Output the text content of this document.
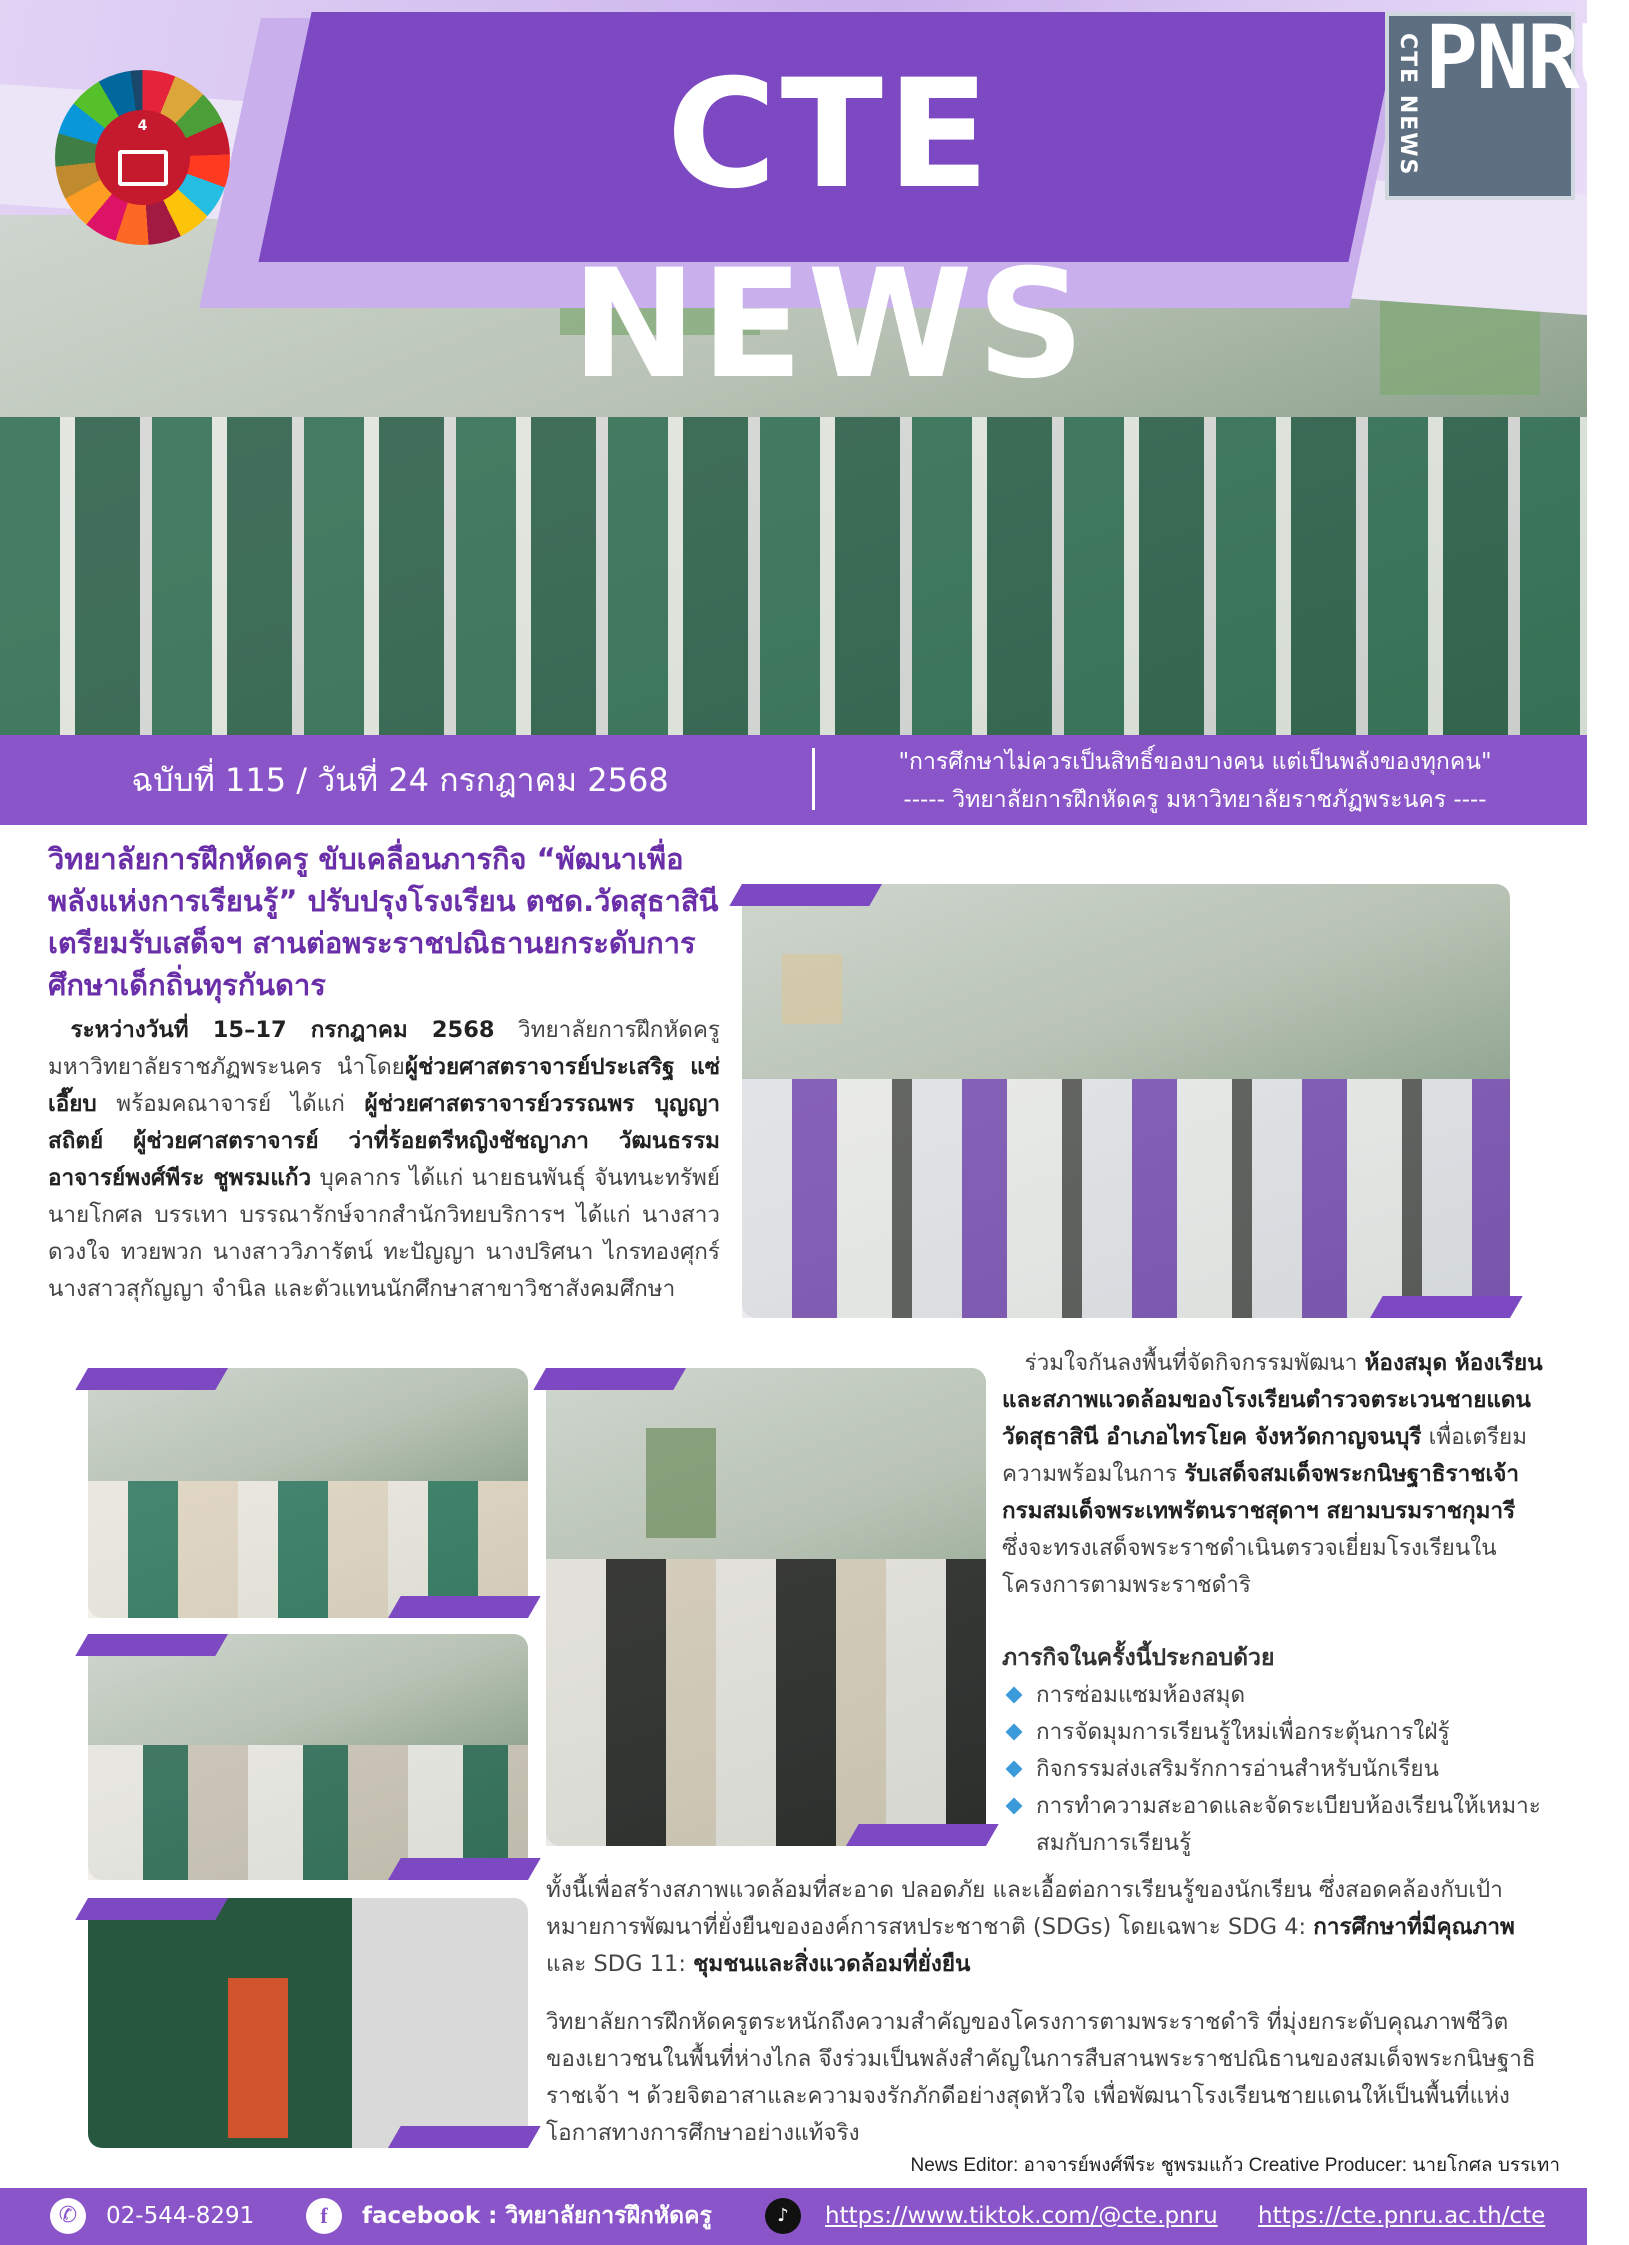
CTE NEWS
4	CTE NEWS PNRU
ฉบับที่ 115 / วันที่ 24 กรกฎาคม 2568	"การศึกษาไม่ควรเป็นสิทธิ์ของบางคน แต่เป็นพลังของทุกคน"
----- วิทยาลัยการฝึกหัดครู มหาวิทยาลัยราชภัฏพระนคร ----
วิทยาลัยการฝึกหัดครู ขับเคลื่อนภารกิจ “พัฒนาเพื่อพลังแห่งการเรียนรู้” ปรับปรุงโรงเรียน ตชด.วัดสุธาสินี เตรียมรับเสด็จฯ สานต่อพระราชปณิธานยกระดับการศึกษาเด็กถิ่นทุรกันดาร

 ระหว่างวันที่ 15–17 กรกฎาคม 2568 วิทยาลัยการฝึกหัดครู มหาวิทยาลัยราชภัฏพระนคร นำโดยผู้ช่วยศาสตราจารย์ประเสริฐ แซ่เอี๊ยบ พร้อมคณาจารย์ ได้แก่ ผู้ช่วยศาสตราจารย์วรรณพร บุญญาสถิตย์ ผู้ช่วยศาสตราจารย์ ว่าที่ร้อยตรีหญิงชัชญาภา วัฒนธรรม อาจารย์พงศ์พีระ ชูพรมแก้ว บุคลากร ได้แก่ นายธนพันธุ์ จันทนะทรัพย์ นายโกศล บรรเทา บรรณารักษ์จากสำนักวิทยบริการฯ ได้แก่ นางสาวดวงใจ ทวยพวก นางสาววิภารัตน์ ทะปัญญา นางปริศนา ไกรทองศุกร์ นางสาวสุกัญญา จำนิล และตัวแทนนักศึกษาสาขาวิชาสังคมศึกษา

 ร่วมใจกันลงพื้นที่จัดกิจกรรมพัฒนา ห้องสมุด ห้องเรียน และสภาพแวดล้อมของโรงเรียนตำรวจตระเวนชายแดนวัดสุธาสินี อำเภอไทรโยค จังหวัดกาญจนบุรี เพื่อเตรียมความพร้อมในการ รับเสด็จสมเด็จพระกนิษฐาธิราชเจ้า กรมสมเด็จพระเทพรัตนราชสุดาฯ สยามบรมราชกุมารี ซึ่งจะทรงเสด็จพระราชดำเนินตรวจเยี่ยมโรงเรียนในโครงการตามพระราชดำริ

ภารกิจในครั้งนี้ประกอบด้วย
การซ่อมแซมห้องสมุด
การจัดมุมการเรียนรู้ใหม่เพื่อกระตุ้นการใฝ่รู้
กิจกรรมส่งเสริมรักการอ่านสำหรับนักเรียน
การทำความสะอาดและจัดระเบียบห้องเรียนให้เหมาะสมกับการเรียนรู้

ทั้งนี้เพื่อสร้างสภาพแวดล้อมที่สะอาด ปลอดภัย และเอื้อต่อการเรียนรู้ของนักเรียน ซึ่งสอดคล้องกับเป้าหมายการพัฒนาที่ยั่งยืนขององค์การสหประชาชาติ (SDGs) โดยเฉพาะ SDG 4: การศึกษาที่มีคุณภาพ และ SDG 11: ชุมชนและสิ่งแวดล้อมที่ยั่งยืน

วิทยาลัยการฝึกหัดครูตระหนักถึงความสำคัญของโครงการตามพระราชดำริ ที่มุ่งยกระดับคุณภาพชีวิตของเยาวชนในพื้นที่ห่างไกล จึงร่วมเป็นพลังสำคัญในการสืบสานพระราชปณิธานของสมเด็จพระกนิษฐาธิราชเจ้า ฯ ด้วยจิตอาสาและความจงรักภักดีอย่างสุดหัวใจ เพื่อพัฒนาโรงเรียนชายแดนให้เป็นพื้นที่แห่งโอกาสทางการศึกษาอย่างแท้จริง

News Editor: อาจารย์พงศ์พีระ ชูพรมแก้ว Creative Producer: นายโกศล บรรเทา
✆	02-544-8291	f	facebook : วิทยาลัยการฝึกหัดครู	♪	https://www.tiktok.com/@cte.pnru https://cte.pnru.ac.th/cte
